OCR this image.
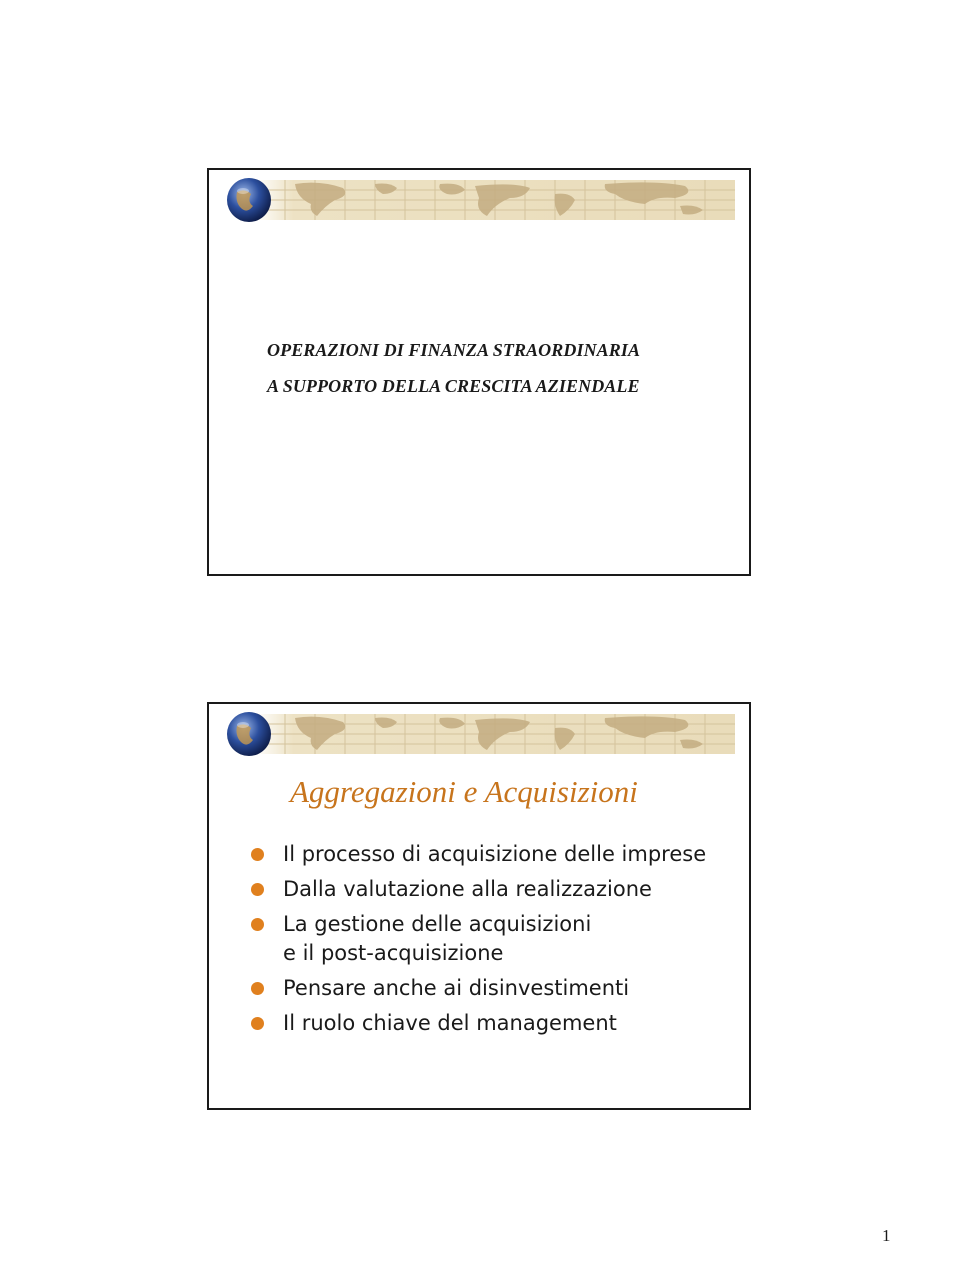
OPERAZIONI DI FINANZA STRAORDINARIA
A SUPPORTO DELLA CRESCITA AZIENDALE
Aggregazioni e Acquisizioni
Il processo di acquisizione delle imprese
Dalla valutazione alla realizzazione
La gestione delle acquisizioni
e il post-acquisizione
Pensare anche ai disinvestimenti
Il ruolo chiave del management
1
